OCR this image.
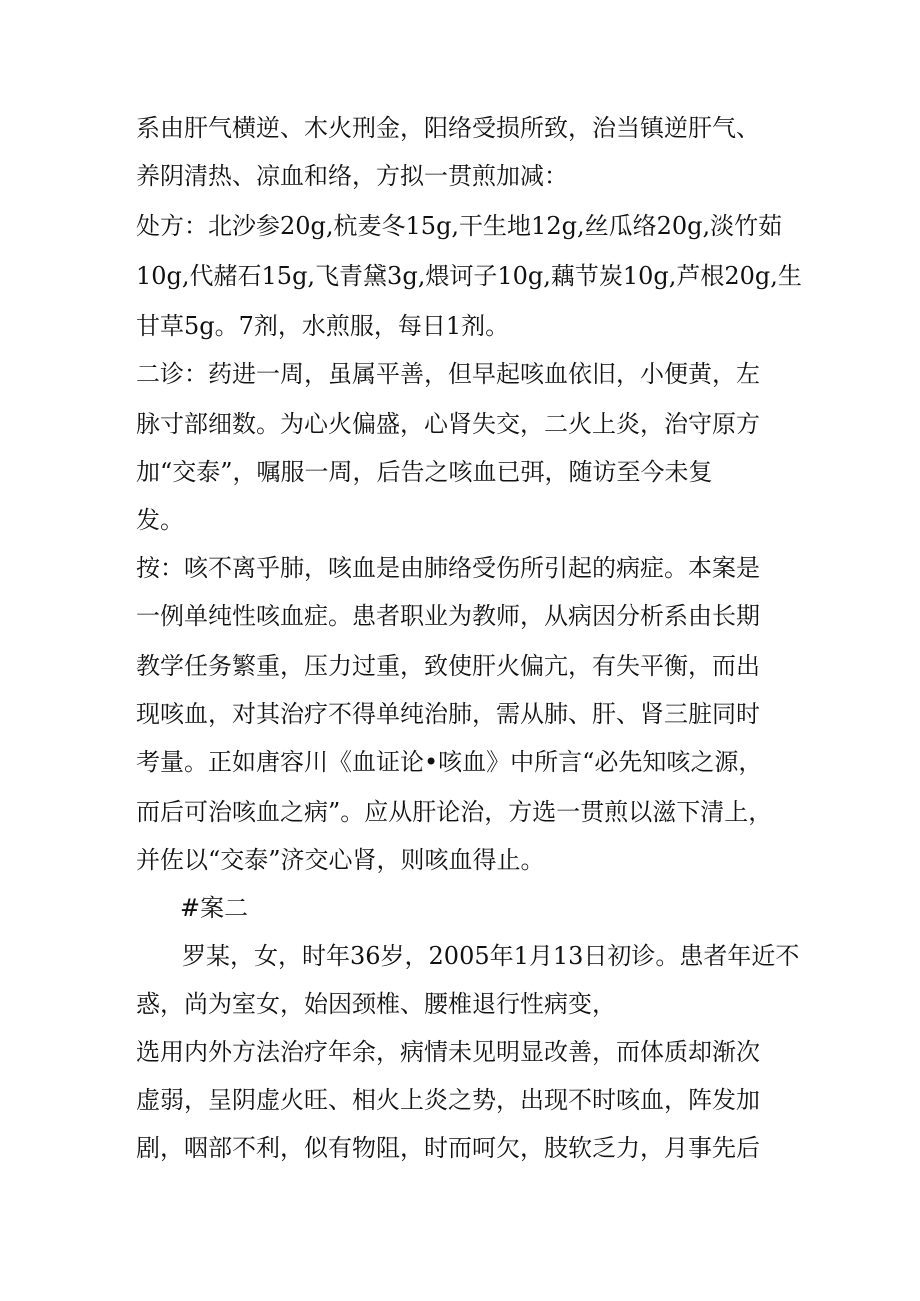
系由肝气横逆、木火刑金，阳络受损所致，治当镇逆肝气、

养阴清热、凉血和络，方拟一贯煎加减：

处方：北沙参20g,杭麦冬15g,干生地12g,丝瓜络20g,淡竹茹

10g,代赭石15g,飞青黛3g,煨诃子10g,藕节炭10g,芦根20g,生

甘草5g。7剂，水煎服，每日1剂。

二诊：药进一周，虽属平善，但早起咳血依旧，小便黄，左

脉寸部细数。为心火偏盛，心肾失交，二火上炎，治守原方

加“交泰”，嘱服一周，后告之咳血已弭，随访至今未复

发。

按：咳不离乎肺，咳血是由肺络受伤所引起的病症。本案是

一例单纯性咳血症。患者职业为教师，从病因分析系由长期

教学任务繁重，压力过重，致使肝火偏亢，有失平衡，而出

现咳血，对其治疗不得单纯治肺，需从肺、肝、肾三脏同时

考量。正如唐容川《血证论•咳血》中所言“必先知咳之源，

而后可治咳血之病”。应从肝论治，方选一贯煎以滋下清上，

并佐以“交泰”济交心肾，则咳血得止。

#案二

罗某，女，时年36岁，2005年1月13日初诊。患者年近不

惑，尚为室女，始因颈椎、腰椎退行性病变，

选用内外方法治疗年余，病情未见明显改善，而体质却渐次

虚弱，呈阴虚火旺、相火上炎之势，出现不时咳血，阵发加

剧，咽部不利，似有物阻，时而呵欠，肢软乏力，月事先后
